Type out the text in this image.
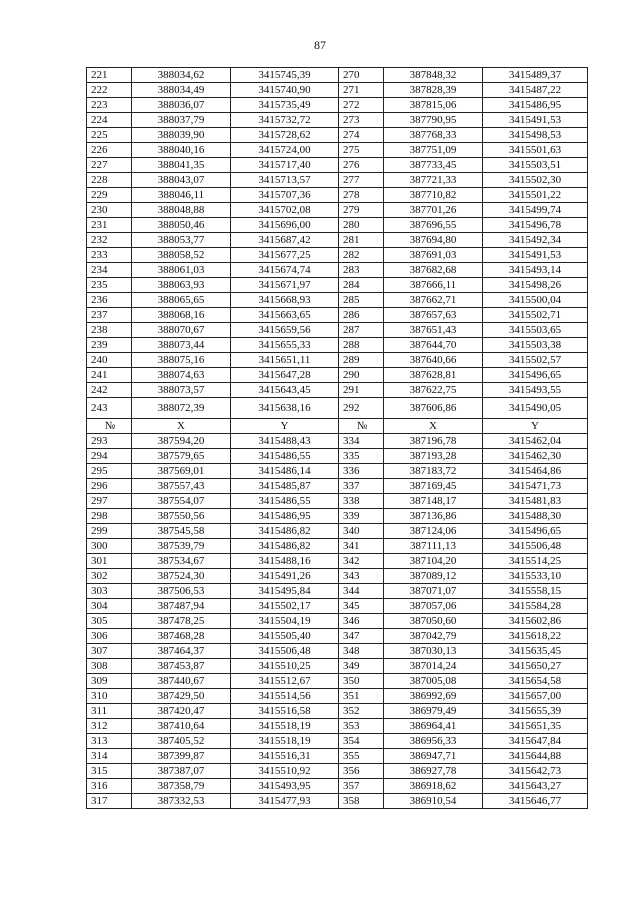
87
221	388034,62	3415745,39	270	387848,32	3415489,37
222	388034,49	3415740,90	271	387828,39	3415487,22
223	388036,07	3415735,49	272	387815,06	3415486,95
224	388037,79	3415732,72	273	387790,95	3415491,53
225	388039,90	3415728,62	274	387768,33	3415498,53
226	388040,16	3415724,00	275	387751,09	3415501,63
227	388041,35	3415717,40	276	387733,45	3415503,51
228	388043,07	3415713,57	277	387721,33	3415502,30
229	388046,11	3415707,36	278	387710,82	3415501,22
230	388048,88	3415702,08	279	387701,26	3415499,74
231	388050,46	3415696,00	280	387696,55	3415496,78
232	388053,77	3415687,42	281	387694,80	3415492,34
233	388058,52	3415677,25	282	387691,03	3415491,53
234	388061,03	3415674,74	283	387682,68	3415493,14
235	388063,93	3415671,97	284	387666,11	3415498,26
236	388065,65	3415668,93	285	387662,71	3415500,04
237	388068,16	3415663,65	286	387657,63	3415502,71
238	388070,67	3415659,56	287	387651,43	3415503,65
239	388073,44	3415655,33	288	387644,70	3415503,38
240	388075,16	3415651,11	289	387640,66	3415502,57
241	388074,63	3415647,28	290	387628,81	3415496,65
242	388073,57	3415643,45	291	387622,75	3415493,55
243	388072,39	3415638,16	292	387606,86	3415490,05
№	X	Y	№	X	Y
293	387594,20	3415488,43	334	387196,78	3415462,04
294	387579,65	3415486,55	335	387193,28	3415462,30
295	387569,01	3415486,14	336	387183,72	3415464,86
296	387557,43	3415485,87	337	387169,45	3415471,73
297	387554,07	3415486,55	338	387148,17	3415481,83
298	387550,56	3415486,95	339	387136,86	3415488,30
299	387545,58	3415486,82	340	387124,06	3415496,65
300	387539,79	3415486,82	341	387111,13	3415506,48
301	387534,67	3415488,16	342	387104,20	3415514,25
302	387524,30	3415491,26	343	387089,12	3415533,10
303	387506,53	3415495,84	344	387071,07	3415558,15
304	387487,94	3415502,17	345	387057,06	3415584,28
305	387478,25	3415504,19	346	387050,60	3415602,86
306	387468,28	3415505,40	347	387042,79	3415618,22
307	387464,37	3415506,48	348	387030,13	3415635,45
308	387453,87	3415510,25	349	387014,24	3415650,27
309	387440,67	3415512,67	350	387005,08	3415654,58
310	387429,50	3415514,56	351	386992,69	3415657,00
311	387420,47	3415516,58	352	386979,49	3415655,39
312	387410,64	3415518,19	353	386964,41	3415651,35
313	387405,52	3415518,19	354	386956,33	3415647,84
314	387399,87	3415516,31	355	386947,71	3415644,88
315	387387,07	3415510,92	356	386927,78	3415642,73
316	387358,79	3415493,95	357	386918,62	3415643,27
317	387332,53	3415477,93	358	386910,54	3415646,77
